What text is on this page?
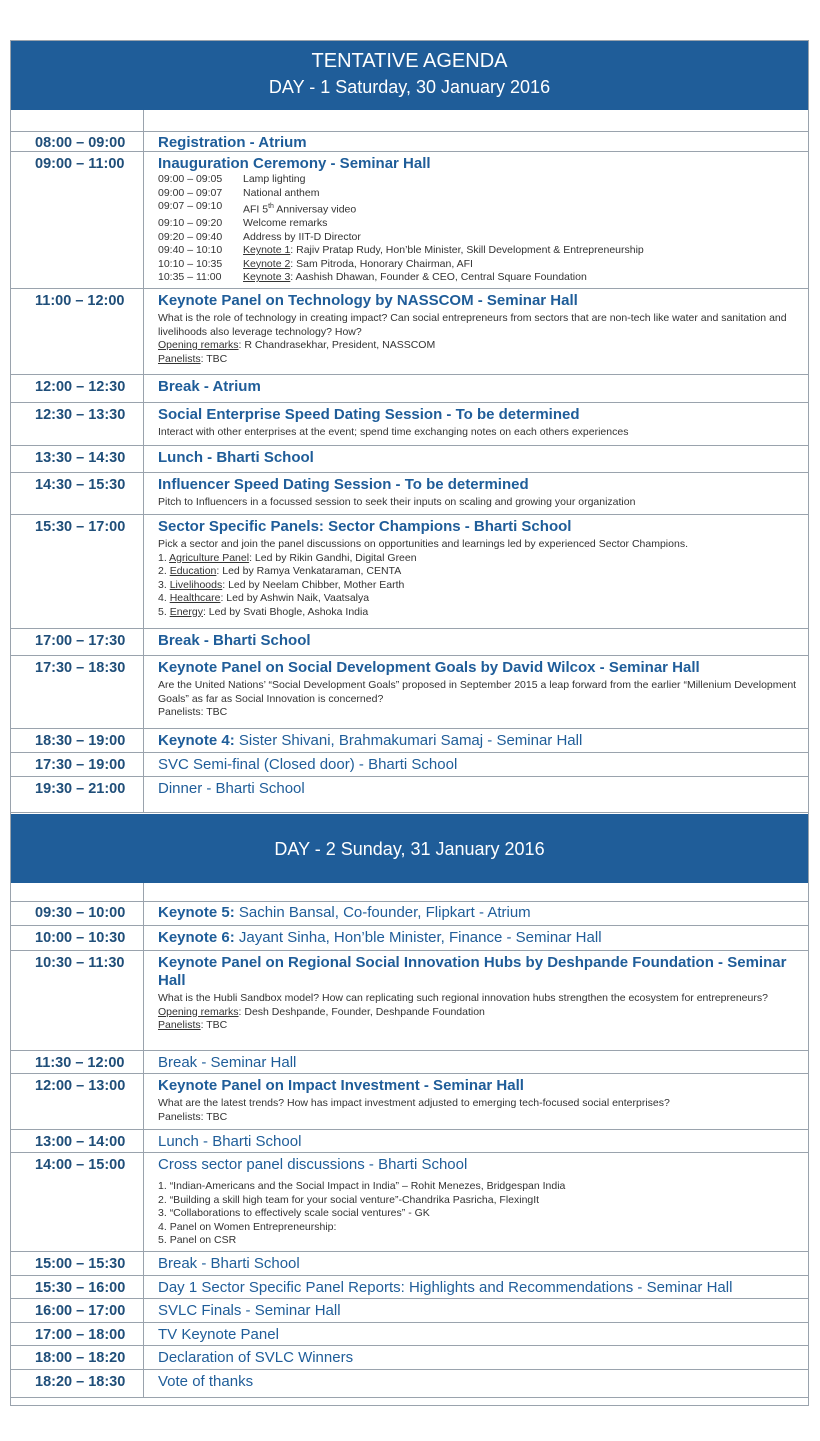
TENTATIVE AGENDA
DAY - 1 Saturday, 30 January 2016
08:00 – 09:00 Registration - Atrium
09:00 – 11:00 Inauguration Ceremony - Seminar Hall
09:00 – 09:05	Lamp lighting
09:00 – 09:07	National anthem
09:07 – 09:10	AFI 5th Anniversay video
09:10 – 09:20	Welcome remarks
09:20 – 09:40	Address by IIT-D Director
09:40 – 10:10	Keynote 1: Rajiv Pratap Rudy, Hon’ble Minister, Skill Development & Entrepreneurship
10:10 – 10:35	Keynote 2: Sam Pitroda, Honorary Chairman, AFI
10:35 – 11:00	Keynote 3: Aashish Dhawan, Founder & CEO, Central Square Foundation
11:00 – 12:00 Keynote Panel on Technology by NASSCOM - Seminar Hall
What is the role of technology in creating impact? Can social entrepreneurs from sectors that are non-tech like water and sanitation and livelihoods also leverage technology? How?
Opening remarks: R Chandrasekhar, President, NASSCOM
Panelists: TBC
12:00 – 12:30 Break - Atrium
12:30 – 13:30 Social Enterprise Speed Dating Session - To be determined
Interact with other enterprises at the event; spend time exchanging notes on each others experiences
13:30 – 14:30 Lunch - Bharti School
14:30 – 15:30 Influencer Speed Dating Session - To be determined
Pitch to Influencers in a focussed session to seek their inputs on scaling and growing your organization
15:30 – 17:00 Sector Specific Panels: Sector Champions - Bharti School
Pick a sector and join the panel discussions on opportunities and learnings led by experienced Sector Champions.
1. Agriculture Panel: Led by Rikin Gandhi, Digital Green
2. Education: Led by Ramya Venkataraman, CENTA
3. Livelihoods: Led by Neelam Chibber, Mother Earth
4. Healthcare: Led by Ashwin Naik, Vaatsalya
5. Energy: Led by Svati Bhogle, Ashoka India
17:00 – 17:30 Break - Bharti School
17:30 – 18:30 Keynote Panel on Social Development Goals by David Wilcox - Seminar Hall
Are the United Nations’ “Social Development Goals” proposed in September 2015 a leap forward from the earlier “Millenium Development Goals” as far as Social Innovation is concerned?
Panelists: TBC
18:30 – 19:00 Keynote 4: Sister Shivani, Brahmakumari Samaj - Seminar Hall
17:30 – 19:00 SVC Semi-final (Closed door) - Bharti School
19:30 – 21:00 Dinner - Bharti School
DAY - 2 Sunday, 31 January 2016
09:30 – 10:00 Keynote 5: Sachin Bansal, Co-founder, Flipkart - Atrium
10:00 – 10:30 Keynote 6: Jayant Sinha, Hon’ble Minister, Finance - Seminar Hall
10:30 – 11:30 Keynote Panel on Regional Social Innovation Hubs by Deshpande Foundation - Seminar Hall
What is the Hubli Sandbox model? How can replicating such regional innovation hubs strengthen the ecosystem for entrepreneurs?
Opening remarks: Desh Deshpande, Founder, Deshpande Foundation
Panelists: TBC
11:30 – 12:00 Break - Seminar Hall
12:00 – 13:00 Keynote Panel on Impact Investment - Seminar Hall
What are the latest trends? How has impact investment adjusted to emerging tech-focused social enterprises?
Panelists: TBC
13:00 – 14:00 Lunch - Bharti School
14:00 – 15:00 Cross sector panel discussions - Bharti School
1. “Indian-Americans and the Social Impact in India” – Rohit Menezes, Bridgespan India
2. “Building a skill high team for your social venture”-Chandrika Pasricha, FlexingIt
3. “Collaborations to effectively scale social ventures” - GK
4. Panel on Women Entrepreneurship:
5. Panel on CSR
15:00 – 15:30 Break - Bharti School
15:30 – 16:00 Day 1 Sector Specific Panel Reports: Highlights and Recommendations - Seminar Hall
16:00 – 17:00 SVLC Finals - Seminar Hall
17:00 – 18:00 TV Keynote Panel
18:00 – 18:20 Declaration of SVLC Winners
18:20 – 18:30 Vote of thanks
